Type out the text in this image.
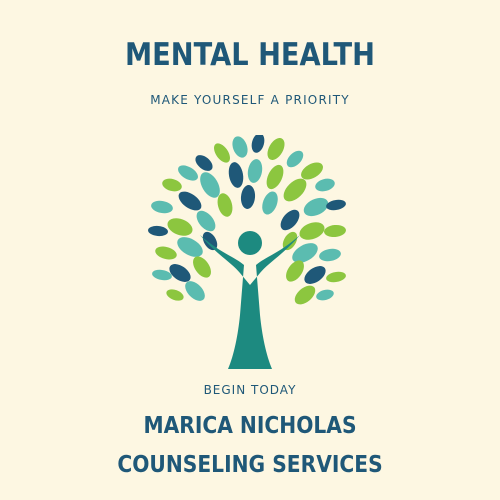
MENTAL HEALTH
MAKE YOURSELF A PRIORITY
BEGIN TODAY
MARICA NICHOLAS
COUNSELING SERVICES
